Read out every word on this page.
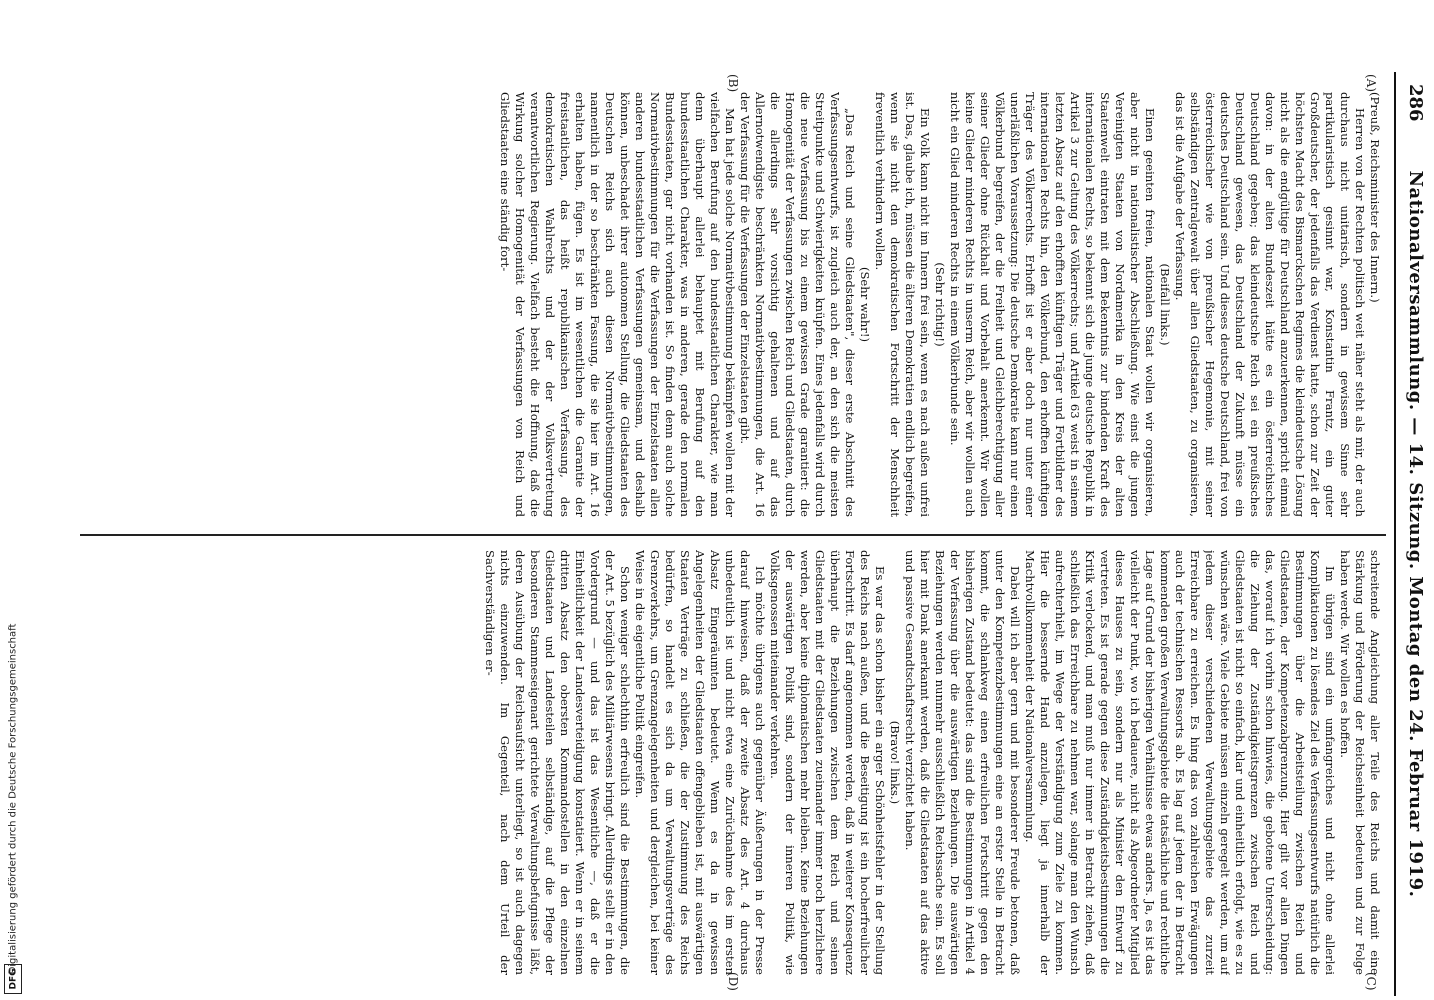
286
Nationalversammlung. — 14. Sitzung. Montag den 24. Februar 1919.
(A)
(B)
(C)
(D)

(Preuß, Reichsminister des Innern.)

Herren von der Rechten politisch weit näher steht als mir, der auch durchaus nicht unitarisch, sondern in gewissem Sinne sehr partikularistisch gesinnt war, Konstantin Frantz, ein guter Großdeutscher, der jedenfalls das Verdienst hatte, schon zur Zeit der höchsten Macht des Bismarckschen Regimes die kleindeutsche Lösung nicht als die endgültige für Deutschland anzuerkennen, spricht einmal davon: in der alten Bundeszeit hätte es ein österreichisches Deutschland gegeben; das kleindeutsche Reich sei ein preußisches Deutschland gewesen, das Deutschland der Zukunft müsse ein deutsches Deutschland sein. Und dieses deutsche Deutschland, frei von österreichischer wie von preußischer Hegemonie, mit seiner selbständigen Zentralgewalt über allen Gliedstaaten, zu organisieren, das ist die Aufgabe der Verfassung.

(Beifall links.)

Einen geeinten freien, nationalen Staat wollen wir organisieren, aber nicht in nationalistischer Abschließung. Wie einst die jungen Vereinigten Staaten von Nordamerika in den Kreis der alten Staatenwelt eintraten mit dem Bekenntnis zur bindenden Kraft des internationalen Rechts, so bekennt sich die junge deutsche Republik in Artikel 3 zur Geltung des Völkerrechts; und Artikel 63 weist in seinem letzten Absatz auf den erhofften künftigen Träger und Fortbildner des internationalen Rechts hin, den Völkerbund, den erhofften künftigen Träger des Völkerrechts. Erhofft ist er aber doch nur unter einer unerläßlichen Voraussetzung: Die deutsche Demokratie kann nur einen Völkerbund begreifen, der die Freiheit und Gleichberechtigung aller seiner Glieder ohne Rückhalt und Vorbehalt anerkennt. Wir wollen keine Glieder minderen Rechts in unserm Reich, aber wir wollen auch nicht ein Glied minderen Rechts in einem Völkerbunde sein.

(Sehr richtig!)

Ein Volk kann nicht im Innern frei sein, wenn es nach außen unfrei ist. Das, glaube ich, müssen die älteren Demokratien endlich begreifen, wenn sie nicht den demokratischen Fortschritt der Menschheit freventlich verhindern wollen.

(Sehr wahr!)

„Das Reich und seine Gliedstaaten", dieser erste Abschnitt des Verfassungsentwurfs, ist zugleich auch der, an den sich die meisten Streitpunkte und Schwierigkeiten knüpfen. Eines jedenfalls wird durch die neue Verfassung bis zu einem gewissen Grade garantiert: die Homogenität der Verfassungen zwischen Reich und Gliedstaaten, durch die allerdings sehr vorsichtig gehaltenen und auf das Allernotwendigste beschränkten Normativbestimmungen, die Art. 16 der Verfassung für die Verfassungen der Einzelstaaten gibt.

Man hat jede solche Normativbestimmung bekämpfen wollen mit der vielfachen Berufung auf den bundesstaatlichen Charakter, wie man denn überhaupt allerlei behauptet mit Berufung auf den bundesstaatlichen Charakter, was in anderen, gerade den normalen Bundesstaaten, gar nicht vorhanden ist. So finden denn auch solche Normativbestimmungen für die Verfassungen der Einzelstaaten allen anderen bundesstaatlichen Verfassungen gemeinsam, und deshalb können, unbeschadet ihrer autonomen Stellung, die Gliedstaaten des Deutschen Reichs sich auch diesen Normativbestimmungen, namentlich in der so beschränkten Fassung, die sie hier im Art. 16 erhalten haben, fügen. Es ist im wesentlichen die Garantie der freistaatlichen, das heißt republikanischen Verfassung, des demokratischen Wahlrechts und der der Volksvertretung verantwortlichen Regierung. Vielfach besteht die Hoffnung, daß die Wirkung solcher Homogenität der Verfassungen von Reich und Gliedstaaten eine ständig fort-

schreitende Angleichung aller Teile des Reichs und damit eine Stärkung und Förderung der Reichseinheit bedeuten und zur Folge haben werde. Wir wollen es hoffen.

Im übrigen sind ein umfangreiches und nicht ohne allerlei Komplikationen zu lösendes Ziel des Verfassungsentwurfs natürlich die Bestimmungen über die Arbeitsteilung zwischen Reich und Gliedstaaten, der Kompetenzabgrenzung. Hier gilt vor allen Dingen das, worauf ich vorhin schon hinwies, die gebotene Unterscheidung: die Ziehung der Zuständigkeitsgrenzen zwischen Reich und Gliedstaaten ist nicht so einfach, klar und einheitlich erfolgt, wie es zu wünschen wäre. Viele Gebiete müssen einzeln geregelt werden, um auf jedem dieser verschiedenen Verwaltungsgebiete das zurzeit Erreichbare zu erreichen. Es hing das von zahlreichen Erwägungen auch der technischen Ressorts ab. Es lag auf jedem der in Betracht kommenden großen Verwaltungsgebiete die tatsächliche und rechtliche Lage auf Grund der bisherigen Verhältnisse etwas anders. Ja, es ist das vielleicht der Punkt, wo ich bedauere, nicht als Abgeordneter Mitglied dieses Hauses zu sein, sondern nur als Minister den Entwurf zu vertreten. Es ist gerade gegen diese Zuständigkeitsbestimmungen die Kritik verlockend, und man muß nur immer in Betracht ziehen, daß schließlich das Erreichbare zu nehmen war, solange man den Wunsch aufrechterhielt, im Wege der Verständigung zum Ziele zu kommen. Hier die bessernde Hand anzulegen, liegt ja innerhalb der Machtvollkommenheit der Nationalversammlung.

Dabei will ich aber gern und mit besonderer Freude betonen, daß unter den Kompetenzbestimmungen eine an erster Stelle in Betracht kommt, die schlankweg einen erfreulichen Fortschritt gegen den bisherigen Zustand bedeutet: das sind die Bestimmungen in Artikel 4 der Verfassung über die auswärtigen Beziehungen. Die auswärtigen Beziehungen werden nunmehr ausschließlich Reichssache sein. Es soll hier mit Dank anerkannt werden, daß die Gliedstaaten auf das aktive und passive Gesandtschaftsrecht verzichtet haben.

(Bravo! links.)

Es war das schon bisher ein arger Schönheitsfehler in der Stellung des Reichs nach außen, und die Beseitigung ist ein hocherfreulicher Fortschritt. Es darf angenommen werden, daß in weiterer Konsequenz überhaupt die Beziehungen zwischen dem Reich und seinen Gliedstaaten mit der Gliedstaaten zueinander immer noch herzlichere werden, aber keine diplomatischen mehr bleiben. Keine Beziehungen der auswärtigen Politik sind, sondern der inneren Politik, wie Volksgenossen miteinander verkehren.

Ich möchte übrigens auch gegenüber Äußerungen in der Presse darauf hinweisen, daß der zweite Absatz des Art. 4 durchaus unbedeutlich ist und nicht etwa eine Zurücknahme des im ersten Absatz Eingeräumten bedeutet. Wenn es da in gewissen Angelegenheiten der Gliedstaaten offengeblieben ist, mit auswärtigen Staaten Verträge zu schließen, die der Zustimmung des Reichs bedürfen, so handelt es sich da um Verwaltungsverträge des Grenzverkehrs, um Grenzangelegenheiten und dergleichen, bei keiner Weise in die eigentliche Politik eingreifen.

Schon weniger schlechthin erfreulich sind die Bestimmungen, die der Art. 5 bezüglich des Militärwesens bringt. Allerdings stellt er in den Vordergrund — und das ist das Wesentliche —, daß er die Einheitlichkeit der Landesverteidigung konstatiert. Wenn er in seinem dritten Absatz den obersten Kommandostellen in den einzelnen Gliedstaaten und Landesteilen selbständige, auf die Pflege der besonderen Stammeseigenart gerichtete Verwaltungsbefugnisse läßt, deren Ausübung der Reichsaufsicht unterliegt, so ist auch dagegen nichts einzuwenden. Im Gegenteil, nach dem Urteil der Sachverständigen er-

Digitalisierung gefördert durch die Deutsche Forschungsgemeinschaft
DFG
